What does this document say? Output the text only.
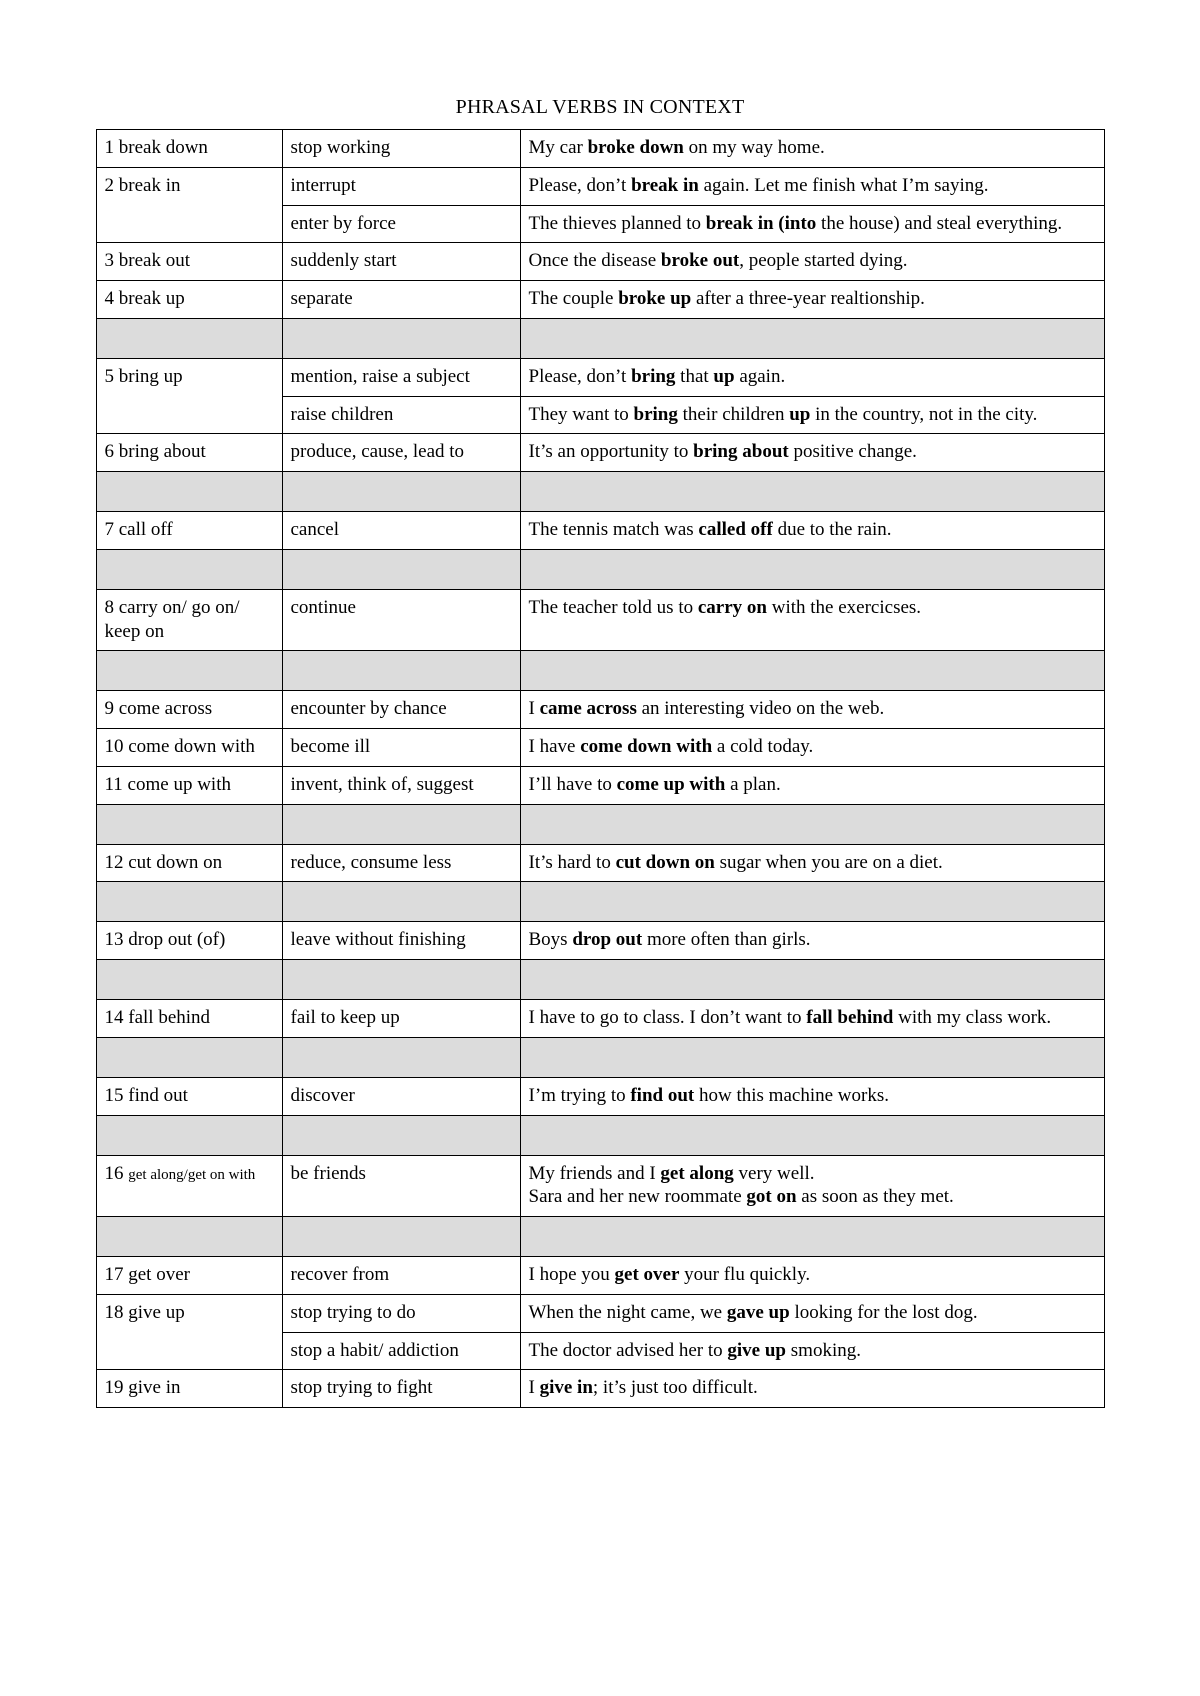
PHRASAL VERBS IN CONTEXT
1 break down	stop working	My car broke down on my way home.
2 break in	interrupt	Please, don’t break in again. Let me finish what I’m saying.
	enter by force	The thieves planned to break in (into the house) and steal everything.
3 break out	suddenly start	Once the disease broke out, people started dying.
4 break up	separate	The couple broke up after a three-year realtionship.

5 bring up	mention, raise a subject	Please, don’t bring that up again.
	raise children	They want to bring their children up in the country, not in the city.
6 bring about	produce, cause, lead to	It’s an opportunity to bring about positive change.

7 call off	cancel	The tennis match was called off due to the rain.

8 carry on/ go on/ keep on	continue	The teacher told us to carry on with the exercicses.

9 come across	encounter by chance	I came across an interesting video on the web.
10 come down with	become ill	I have come down with a cold today.
11 come up with	invent, think of, suggest	I’ll have to come up with a plan.

12 cut down on	reduce, consume less	It’s hard to cut down on sugar when you are on a diet.

13 drop out (of)	leave without finishing	Boys drop out more often than girls.

14 fall behind	fail to keep up	I have to go to class. I don’t want to fall behind with my class work.

15 find out	discover	I’m trying to find out how this machine works.

16 get along/get on with	be friends	My friends and I get along very well.
Sara and her new roommate got on as soon as they met.

17 get over	recover from	I hope you get over your flu quickly.
18 give up	stop trying to do	When the night came, we gave up looking for the lost dog.
	stop a habit/ addiction	The doctor advised her to give up smoking.
19 give in	stop trying to fight	I give in; it’s just too difficult.
